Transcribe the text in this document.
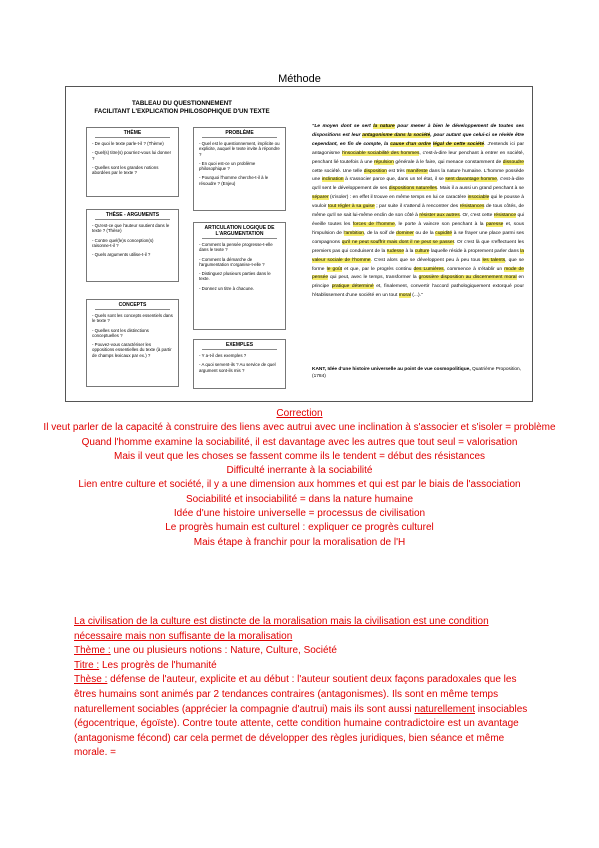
Méthode
TABLEAU DU QUESTIONNEMENT
FACILITANT L'EXPLICATION PHILOSOPHIQUE D'UN TEXTE
THÈME
- De quoi le texte parle-t-il ? (Thème)
- Quel(s) titre(s) pourriez-vous lui donner ?
- Quelles sont les grandes notions abordées par le texte ?
THÈSE - ARGUMENTS
- Qu'est-ce que l'auteur soutient dans le texte ? (Thèse)
- Contre quel(le)s conception(s) raisonne-t-il ?
- Quels arguments utilise-t-il ?
CONCEPTS
- Quels sont les concepts essentiels dans le texte ?
- Quelles sont les distinctions conceptuelles ?
- Pouvez-vous caractériser les oppositions essentielles du texte (à partir de champs lexicaux par ex.) ?
PROBLÈME
- Quel est le questionnement, implicite ou explicite, auquel le texte invite à répondre ?
- En quoi est-ce un problème philosophique ?
- Pourquoi l'homme cherche-t-il à le résoudre ? (Enjeu)
ARTICULATION LOGIQUE DE L'ARGUMENTATION
- Comment la pensée progresse-t-elle dans le texte ?
- Comment la démarche de l'argumentation s'organise-t-elle ?
- Distinguez plusieurs parties dans le texte.
- Donnez un titre à chacune.
EXEMPLES
- Y a-t-il des exemples ?
- A quoi servent-ils ? Au service de quel argument sont-ils mis ?
"Le moyen dont se sert la nature pour mener à bien le développement de toutes ses dispositions est leur antagonisme dans la société, pour autant que celui-ci se révèle être cependant, en fin de compte, la cause d'un ordre légal de cette société. J'entends ici par antagonisme l'insociable sociabilité des hommes, c'est-à-dire leur penchant à entrer en société, penchant lié toutefois à une répulsion générale à le faire, qui menace constamment de dissoudre cette société. Une telle disposition est très manifeste dans la nature humaine. L'homme possède une inclination à s'associer parce que, dans un tel état, il se sent davantage homme, c'est-à-dire qu'il sent le développement de ses dispositions naturelles. Mais il a aussi un grand penchant à se séparer (s'isoler) : en effet il trouve en même temps en lui ce caractère insociable qui le pousse à vouloir tout régler à sa guise ; par suite il s'attend à rencontrer des résistances de tous côtés, de même qu'il se sait lui-même enclin de son côté à résister aux autres. Or, c'est cette résistance qui éveille toutes les forces de l'homme, le porte à vaincre son penchant à la paresse et, sous l'impulsion de l'ambition, de la soif de dominer ou de la cupidité à se frayer une place parmi ses compagnons qu'il ne peut souffrir mais dont il ne peut se passer. Or c'est là que s'effectuent les premiers pas qui conduisent de la rudesse à la culture laquelle réside à proprement parler dans la valeur sociale de l'homme. C'est alors que se développent peu à peu tous les talents, que se forme le goût et que, par le progrès continu des Lumières, commence à s'établir un mode de pensée qui peut, avec le temps, transformer la grossière disposition au discernement moral en principe pratique déterminé et, finalement, convertir l'accord pathologiquement extorqué pour l'établissement d'une société en un tout moral (...)."
KANT, Idée d'une histoire universelle au point de vue cosmopolitique, Quatrième Proposition, (1784)
Correction
Il veut parler de la capacité à construire des liens avec autrui avec une inclination à s'associer et s'isoler = problème
Quand l'homme examine la sociabilité, il est davantage avec les autres que tout seul = valorisation
Mais il veut que les choses se fassent comme ils le tendent = début des résistances
Difficulté inerrante à la sociabilité
Lien entre culture et société, il y a une dimension aux hommes et qui est par le biais de l'association
Sociabilité et insociabilité = dans la nature humaine
Idée d'une histoire universelle = processus de civilisation
Le progrès humain est culturel : expliquer ce progrès culturel
Mais étape à franchir pour la moralisation de l'H
La civilisation de la culture est distincte de la moralisation mais la civilisation est une condition nécessaire mais non suffisante de la moralisation
Thème : une ou plusieurs notions : Nature, Culture, Société
Titre : Les progrès de l'humanité
Thèse : défense de l'auteur, explicite et au début : l'auteur soutient deux façons paradoxales que les êtres humains sont animés par 2 tendances contraires (antagonismes). Ils sont en même temps naturellement sociables (apprécier la compagnie d'autrui) mais ils sont aussi naturellement insociables (égocentrique, égoïste). Contre toute attente, cette condition humaine contradictoire est un avantage (antagonisme fécond) car cela permet de développer des règles juridiques, bien séance et même morale. =
